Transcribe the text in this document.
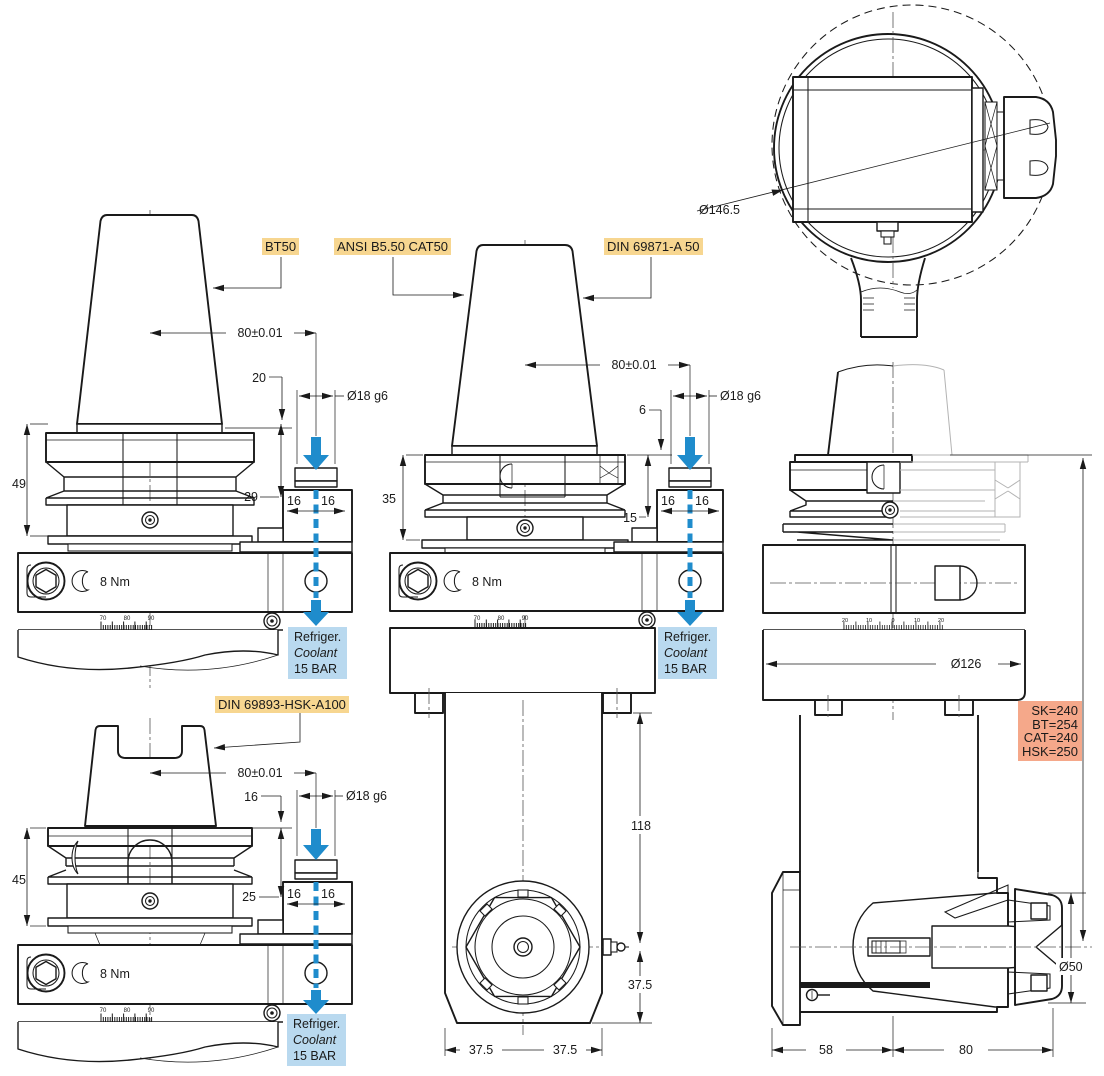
Ø146.5
8 Nm
80±0.01
20
Ø18 g6
49
29 16 16
70	80	90
8 Nm
80±0.01
6
Ø18 g6
35
15
16 16
70	80	90
118
37.5
37.5	37.5
8 Nm
80±0.01
16	Ø18 g6
45
25 16 16
70	80	90
20	10	0	10	20
Ø126
Ø50
58	80
BT50	ANSI B5.50 CAT50	DIN 69871-A 50
DIN 69893-HSK-A100
Refriger.
Coolant
15 BAR
Refriger.
Coolant
15 BAR
Refriger.
Coolant
15 BAR
SK=240
BT=254
CAT=240
HSK=250
